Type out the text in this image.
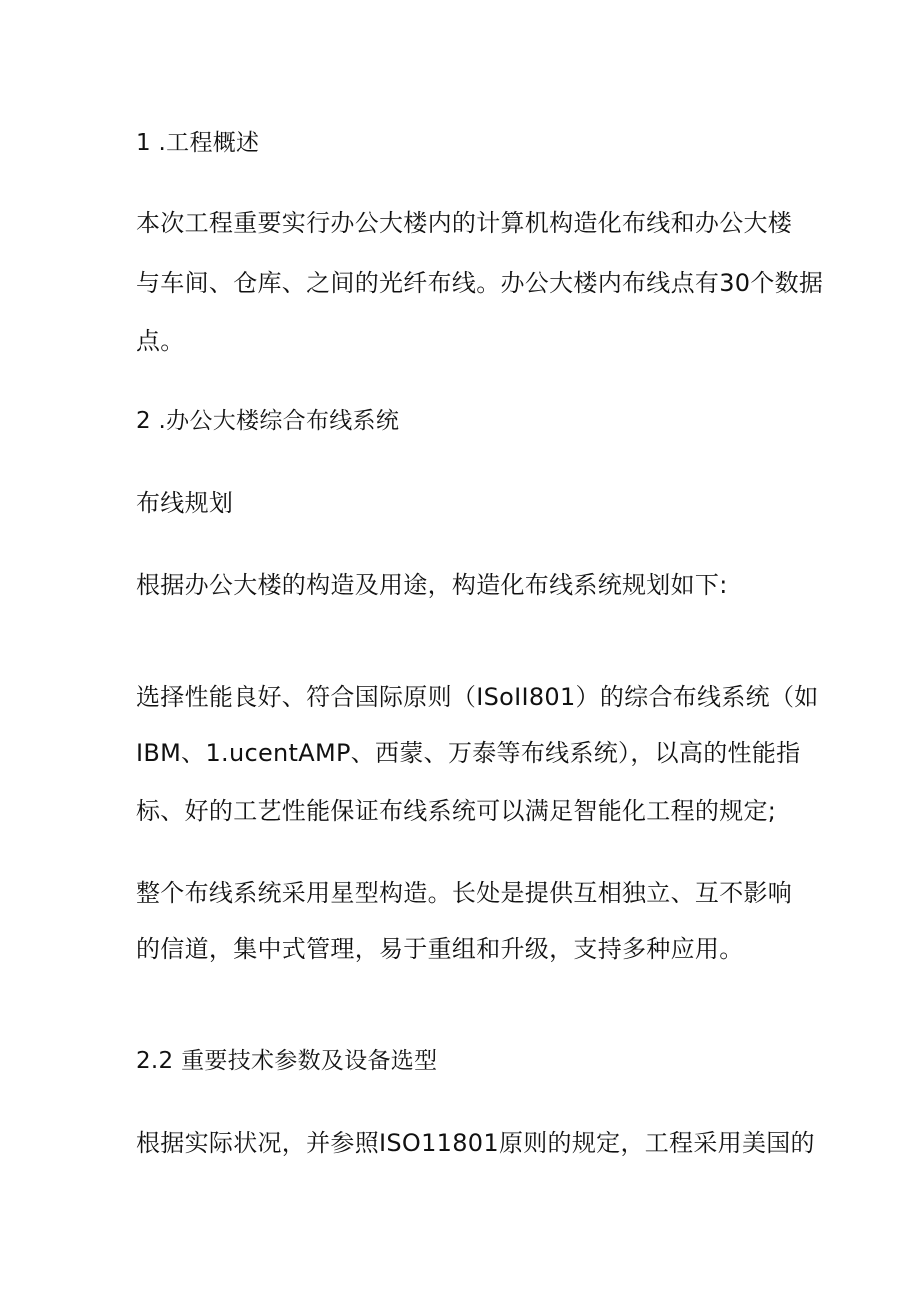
1 .工程概述
本次工程重要实行办公大楼内的计算机构造化布线和办公大楼
与车间、仓库、之间的光纤布线。办公大楼内布线点有30个数据
点。
2 .办公大楼综合布线系统
布线规划
根据办公大楼的构造及用途，构造化布线系统规划如下:
选择性能良好、符合国际原则（ISoII801）的综合布线系统（如
IBM、1.ucentAMP、西蒙、万泰等布线系统），以高的性能指
标、好的工艺性能保证布线系统可以满足智能化工程的规定;
整个布线系统采用星型构造。长处是提供互相独立、互不影响
的信道，集中式管理，易于重组和升级，支持多种应用。
2.2 重要技术参数及设备选型
根据实际状况，并参照ISO11801原则的规定，工程采用美国的
